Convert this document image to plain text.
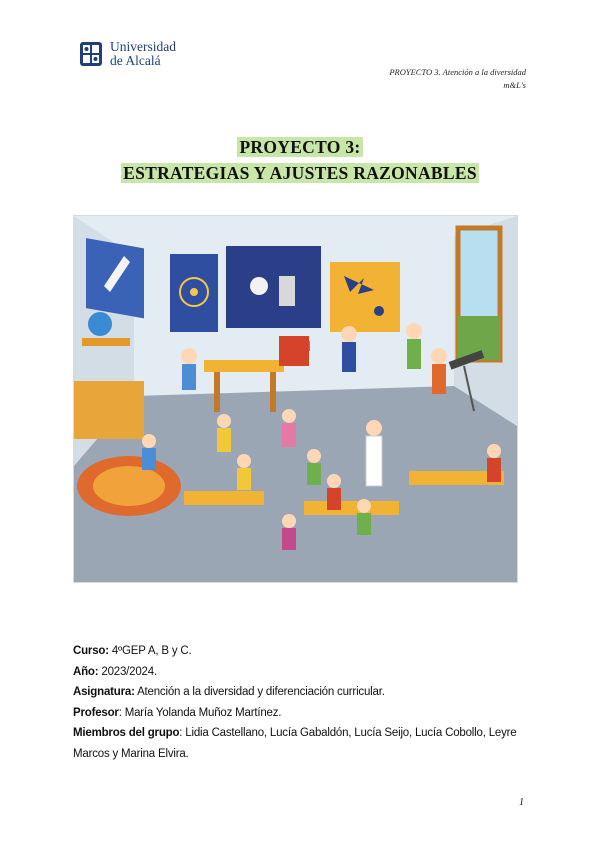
Universidad
de Alcalá
PROYECTO 3. Atención a la diversidad
m&L's
PROYECTO 3:
ESTRATEGIAS Y AJUSTES RAZONABLES

Curso: 4ºGEP A, B y C.

Año: 2023/2024.

Asignatura: Atención a la diversidad y diferenciación curricular.

Profesor: María Yolanda Muñoz Martínez.

Miembros del grupo: Lidia Castellano, Lucía Gabaldón, Lucía Seijo, Lucía Cobollo, Leyre Marcos y Marina Elvira.

1
